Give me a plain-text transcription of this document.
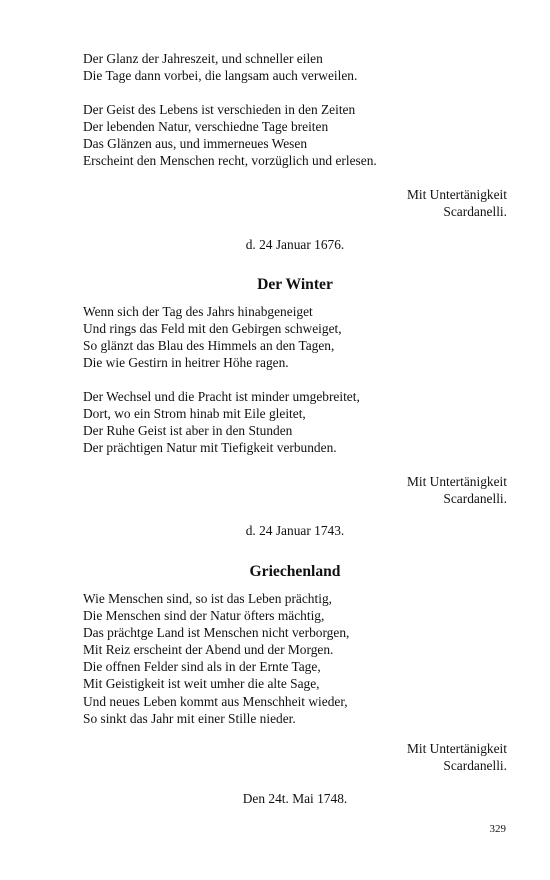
Der Glanz der Jahreszeit, und schneller eilen
Die Tage dann vorbei, die langsam auch verweilen.
Der Geist des Lebens ist verschieden in den Zeiten
Der lebenden Natur, verschiedne Tage breiten
Das Glänzen aus, und immerneues Wesen
Erscheint den Menschen recht, vorzüglich und erlesen.
Mit Untertänigkeit
Scardanelli.
d. 24 Januar 1676.
Der Winter
Wenn sich der Tag des Jahrs hinabgeneiget
Und rings das Feld mit den Gebirgen schweiget,
So glänzt das Blau des Himmels an den Tagen,
Die wie Gestirn in heitrer Höhe ragen.
Der Wechsel und die Pracht ist minder umgebreitet,
Dort, wo ein Strom hinab mit Eile gleitet,
Der Ruhe Geist ist aber in den Stunden
Der prächtigen Natur mit Tiefigkeit verbunden.
Mit Untertänigkeit
Scardanelli.
d. 24 Januar 1743.
Griechenland
Wie Menschen sind, so ist das Leben prächtig,
Die Menschen sind der Natur öfters mächtig,
Das prächtge Land ist Menschen nicht verborgen,
Mit Reiz erscheint der Abend und der Morgen.
Die offnen Felder sind als in der Ernte Tage,
Mit Geistigkeit ist weit umher die alte Sage,
Und neues Leben kommt aus Menschheit wieder,
So sinkt das Jahr mit einer Stille nieder.
Mit Untertänigkeit
Scardanelli.
Den 24t. Mai 1748.
329
